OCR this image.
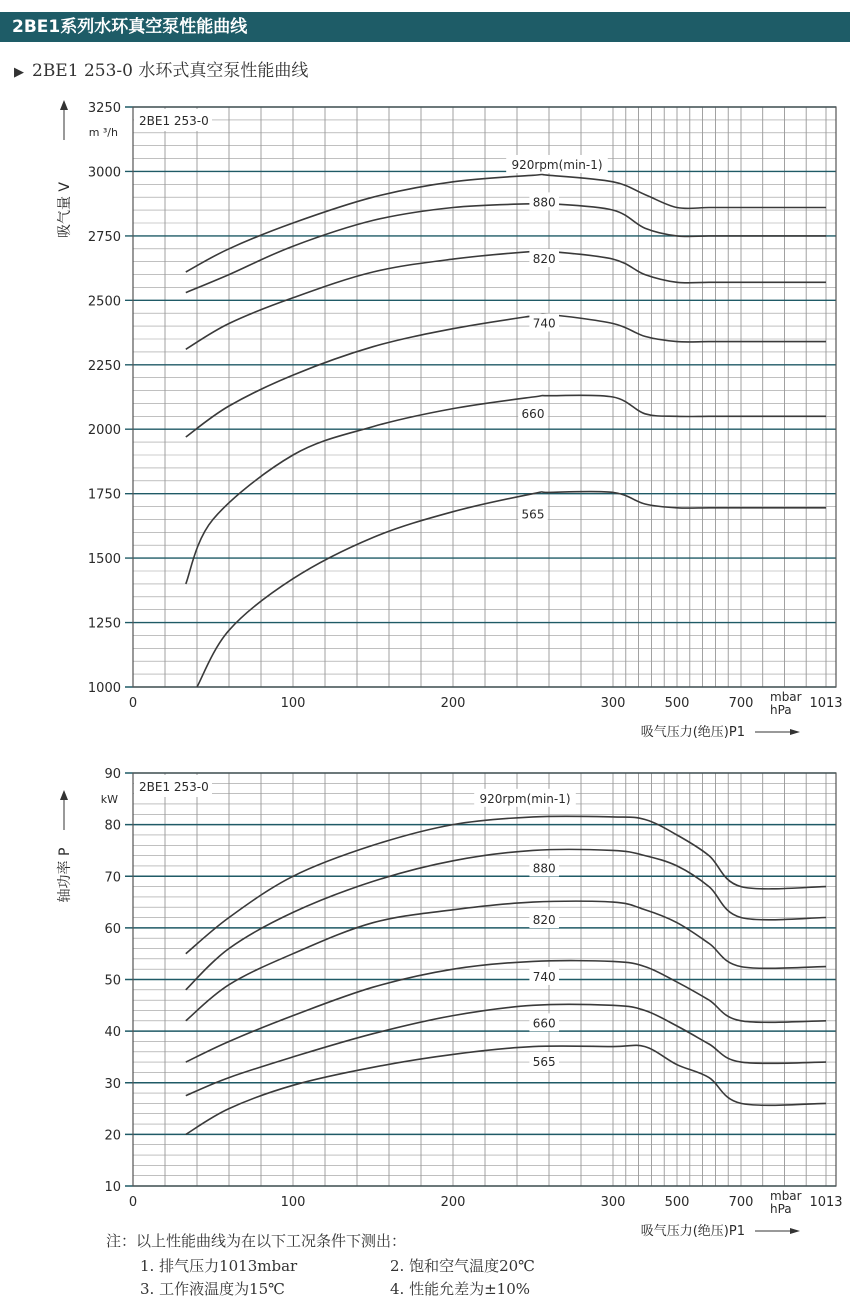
2BE1系列水环真空泵性能曲线
▶ 2BE1 253-0 水环式真空泵性能曲线
1000
1250
1500
1750
2000
2250
2500
2750
3000
3250
2BE1 253-0
m ³/h
0	100	200	300	500	700	1013
mbar
hPa
吸气压力(绝压)P1
吸气量 V
920rpm(min-1)
880
820
740
660
565
10
20
30
40
50
60
70
80
90
2BE1 253-0
kW
0	100	200	300	500	700	1013
mbar
hPa
吸气压力(绝压)P1
轴功率 P
920rpm(min-1)
880
820
740
660
565
注：以上性能曲线为在以下工况条件下测出：
1. 排气压力1013mbar	2. 饱和空气温度20℃
3. 工作液温度为15℃	4. 性能允差为±10%
